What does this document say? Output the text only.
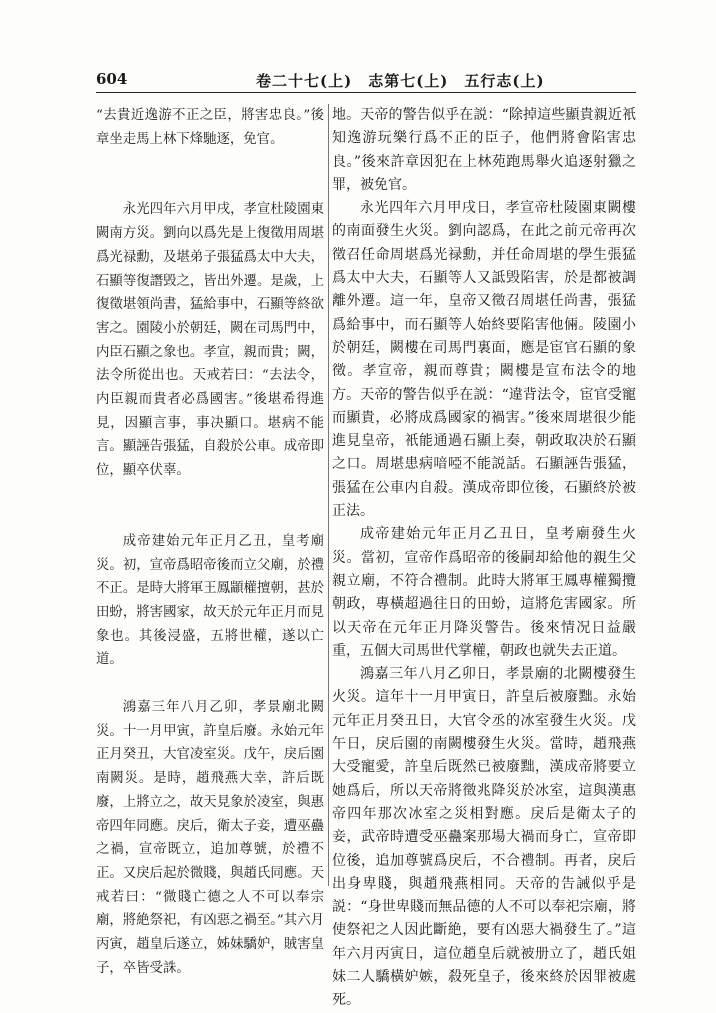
604	卷二十七(上)　志第七(上)　五行志(上)

“去貴近逸游不正之臣，將害忠良。”後章坐走馬上林下烽馳逐，免官。

永光四年六月甲戌，孝宣杜陵園東闕南方災。劉向以爲先是上復徵用周堪爲光禄勳，及堪弟子張猛爲太中大夫，石顯等復譖毁之，皆出外遷。是歲，上復徵堪領尚書，猛給事中，石顯等終欲害之。園陵小於朝廷，闕在司馬門中，内臣石顯之象也。孝宣，親而貴；闕，法令所從出也。天戒若曰：“去法令，内臣親而貴者必爲國害。”後堪希得進見，因顯言事，事决顯口。堪病不能言。顯誣告張猛，自殺於公車。成帝即位，顯卒伏辜。

成帝建始元年正月乙丑，皇考廟災。初，宣帝爲昭帝後而立父廟，於禮不正。是時大將軍王鳳顓權擅朝，甚於田蚡，將害國家，故天於元年正月而見象也。其後浸盛，五將世權，遂以亡道。

鴻嘉三年八月乙卯，孝景廟北闕災。十一月甲寅，許皇后廢。永始元年正月癸丑，大官凌室災。戊午，戾后園南闕災。是時，趙飛燕大幸，許后既廢，上將立之，故天見象於凌室，與惠帝四年同應。戾后，衛太子妾，遭巫蠱之禍，宣帝既立，追加尊號，於禮不正。又戾后起於微賤，與趙氏同應。天戒若曰：“微賤亡德之人不可以奉宗廟，將絶祭祀，有凶惡之禍至。”其六月丙寅，趙皇后遂立，姊妹驕妒，賊害皇子，卒皆受誅。

地。天帝的警告似乎在説：“除掉這些顯貴親近衹知逸游玩樂行爲不正的臣子，他們將會陷害忠良。”後來許章因犯在上林苑跑馬舉火追逐射獵之罪，被免官。

永光四年六月甲戌日，孝宣帝杜陵園東闕樓的南面發生火災。劉向認爲，在此之前元帝再次徵召任命周堪爲光禄勳，并任命周堪的學生張猛爲太中大夫，石顯等人又詆毁陷害，於是都被調離外遷。這一年，皇帝又徵召周堪任尚書，張猛爲給事中，而石顯等人始終要陷害他倆。陵園小於朝廷，闕樓在司馬門裏面，應是宦官石顯的象徵。孝宣帝，親而尊貴；闕樓是宣布法令的地方。天帝的警告似乎在説：“違背法令，宦官受寵而顯貴，必將成爲國家的禍害。”後來周堪很少能進見皇帝，衹能通過石顯上奏，朝政取决於石顯之口。周堪患病喑啞不能説話。石顯誣告張猛，張猛在公車内自殺。漢成帝即位後，石顯終於被正法。

成帝建始元年正月乙丑日，皇考廟發生火災。當初，宣帝作爲昭帝的後嗣却給他的親生父親立廟，不符合禮制。此時大將軍王鳳專權獨攬朝政，專橫超過往日的田蚡，這將危害國家。所以天帝在元年正月降災警告。後來情况日益嚴重，五個大司馬世代掌權，朝政也就失去正道。

鴻嘉三年八月乙卯日，孝景廟的北闕樓發生火災。這年十一月甲寅日，許皇后被廢黜。永始元年正月癸丑日，大官令丞的冰室發生火災。戊午日，戾后園的南闕樓發生火災。當時，趙飛燕大受寵愛，許皇后既然已被廢黜，漢成帝將要立她爲后，所以天帝將徵兆降災於冰室，這與漢惠帝四年那次冰室之災相對應。戾后是衛太子的妾，武帝時遭受巫蠱案那場大禍而身亡，宣帝即位後，追加尊號爲戾后，不合禮制。再者，戾后出身卑賤，與趙飛燕相同。天帝的告誡似乎是説：“身世卑賤而無品德的人不可以奉祀宗廟，將使祭祀之人因此斷絶，要有凶惡大禍發生了。”這年六月丙寅日，這位趙皇后就被册立了，趙氏姐妹二人驕橫妒嫉，殺死皇子，後來終於因罪被處死。
